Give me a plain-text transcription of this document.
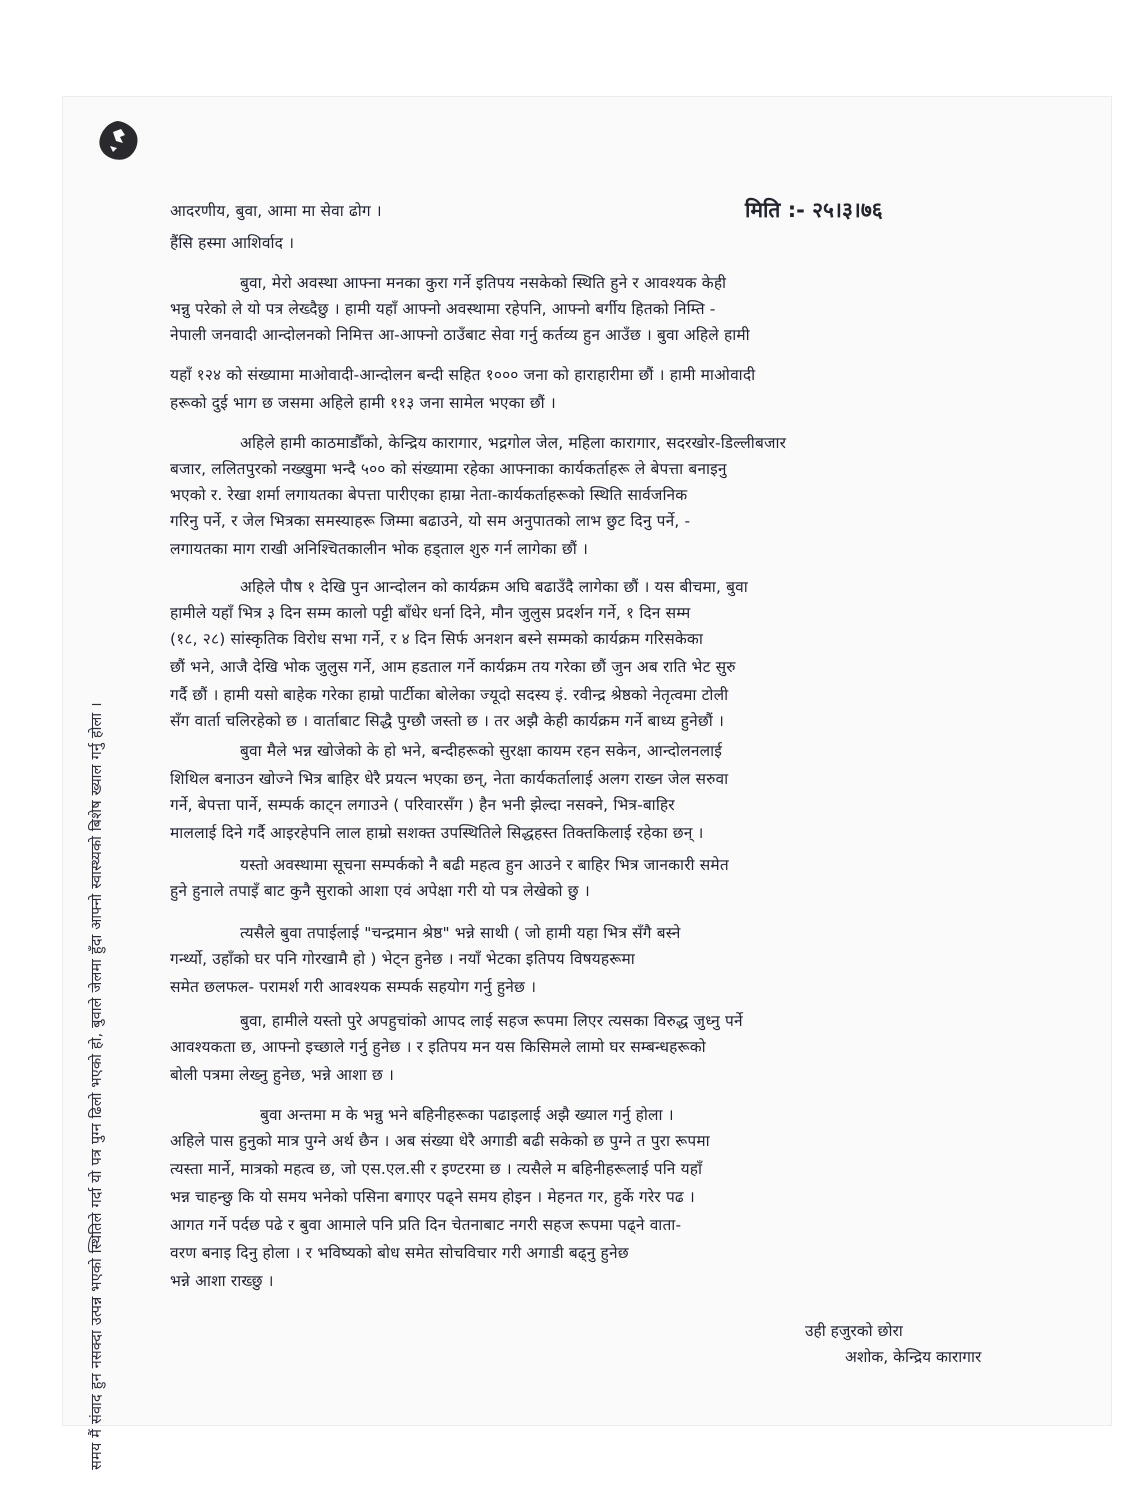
समय मैं संवाद हुन नसक्दा उत्पन्न भएको स्थितिले गर्दा यो पत्र पुग्न ढिलो भएको हो, बुवाले जेलमा हुँदा आफ्नो स्वास्थ्यको बिशेष ख्याल गर्नु होला ।
मिति :- २५।३।७६
आदरणीय, बुवा, आमा मा सेवा ढोग ।
हैंसि हस्मा आशिर्वाद ।
बुवा, मेरो अवस्था आफ्ना मनका कुरा गर्ने इतिपय नसकेको स्थिति हुने र आवश्यक केही
भन्नु परेको ले यो पत्र लेख्दैछु । हामी यहाँ आफ्नो अवस्थामा रहेपनि, आफ्नो बर्गीय हितको निम्ति -
नेपाली जनवादी आन्दोलनको निमित्त आ-आफ्नो ठाउँबाट सेवा गर्नु कर्तव्य हुन आउँछ । बुवा अहिले हामी
यहाँ १२४ को संख्यामा माओवादी-आन्दोलन बन्दी सहित १००० जना को हाराहारीमा छौं । हामी माओवादी
हरूको दुई भाग छ जसमा अहिले हामी ११३ जना सामेल भएका छौं ।
अहिले हामी काठमाडौँको, केन्द्रिय कारागार, भद्रगोल जेल, महिला कारागार, सदरखोर-डिल्लीबजार
बजार, ललितपुरको नख्खुमा भन्दै ५०० को संख्यामा रहेका आफ्नाका कार्यकर्ताहरू ले बेपत्ता बनाइनु
भएको र. रेखा शर्मा लगायतका बेपत्ता पारीएका हाम्रा नेता-कार्यकर्ताहरूको स्थिति सार्वजनिक
गरिनु पर्ने, र जेल भित्रका समस्याहरू जिम्मा बढाउने, यो सम अनुपातको लाभ छुट दिनु पर्ने, -
लगायतका माग राखी अनिश्चितकालीन भोक हड्ताल शुरु गर्न लागेका छौं ।
अहिले पौष १ देखि पुन आन्दोलन को कार्यक्रम अघि बढाउँदै लागेका छौं । यस बीचमा, बुवा
हामीले यहाँ भित्र ३ दिन सम्म कालो पट्टी बाँधेर धर्ना दिने, मौन जुलुस प्रदर्शन गर्ने, १ दिन सम्म
(१८, २८) सांस्कृतिक विरोध सभा गर्ने, र ४ दिन सिर्फ अनशन बस्ने सम्मको कार्यक्रम गरिसकेका
छौं भने, आजै देखि भोक जुलुस गर्ने, आम हडताल गर्ने कार्यक्रम तय गरेका छौं जुन अब राति भेट सुरु
गर्दै छौं । हामी यसो बाहेक गरेका हाम्रो पार्टीका बोलेका ज्यूदो सदस्य इं. रवीन्द्र श्रेष्ठको नेतृत्वमा टोली
सँग वार्ता चलिरहेको छ । वार्ताबाट सिद्धै पुग्छौ जस्तो छ । तर अझै केही कार्यक्रम गर्ने बाध्य हुनेछौं ।
बुवा मैले भन्न खोजेको के हो भने, बन्दीहरूको सुरक्षा कायम रहन सकेन, आन्दोलनलाई
शिथिल बनाउन खोज्ने भित्र बाहिर धेरै प्रयत्न भएका छन्, नेता कार्यकर्तालाई अलग राख्न जेल सरुवा
गर्ने, बेपत्ता पार्ने, सम्पर्क काट्न लगाउने ( परिवारसँग ) हैन भनी झेल्दा नसक्ने, भित्र-बाहिर
माललाई दिने गर्दै आइरहेपनि लाल हाम्रो सशक्त उपस्थितिले सिद्धहस्त तिक्तकिलाई रहेका छन् ।
यस्तो अवस्थामा सूचना सम्पर्कको नै बढी महत्व हुन आउने र बाहिर भित्र जानकारी समेत
हुने हुनाले तपाइँ बाट कुनै सुराको आशा एवं अपेक्षा गरी यो पत्र लेखेको छु ।
त्यसैले बुवा तपाईलाई "चन्द्रमान श्रेष्ठ" भन्ने साथी ( जो हामी यहा भित्र सँगै बस्ने
गर्न्थ्यो, उहाँको घर पनि गोरखामै हो ) भेट्न हुनेछ । नयाँ भेटका इतिपय विषयहरूमा
समेत छलफल- परामर्श गरी आवश्यक सम्पर्क सहयोग गर्नु हुनेछ ।
बुवा, हामीले यस्तो पुरे अपहुचांको आपद लाई सहज रूपमा लिएर त्यसका विरुद्ध जुध्नु पर्ने
आवश्यकता छ, आफ्नो इच्छाले गर्नु हुनेछ । र इतिपय मन यस किसिमले लामो घर सम्बन्धहरूको
बोली पत्रमा लेख्नु हुनेछ, भन्ने आशा छ ।
बुवा अन्तमा म के भन्नु भने बहिनीहरूका पढाइलाई अझै ख्याल गर्नु होला ।
अहिले पास हुनुको मात्र पुग्ने अर्थ छैन । अब संख्या धेरै अगाडी बढी सकेको छ पुग्ने त पुरा रूपमा
त्यस्ता मार्ने, मात्रको महत्व छ, जो एस.एल.सी र इण्टरमा छ । त्यसैले म बहिनीहरूलाई पनि यहाँ
भन्न चाहन्छु कि यो समय भनेको पसिना बगाएर पढ्ने समय होइन । मेहनत गर, हुर्के गरेर पढ ।
आगत गर्ने पर्दछ पढे र बुवा आमाले पनि प्रति दिन चेतनाबाट नगरी सहज रूपमा पढ्ने वाता-
वरण बनाइ दिनु होला । र भविष्यको बोध समेत सोचविचार गरी अगाडी बढ्नु हुनेछ
भन्ने आशा राख्छु ।
उही हजुरको छोरा
अशोक, केन्द्रिय कारागार
